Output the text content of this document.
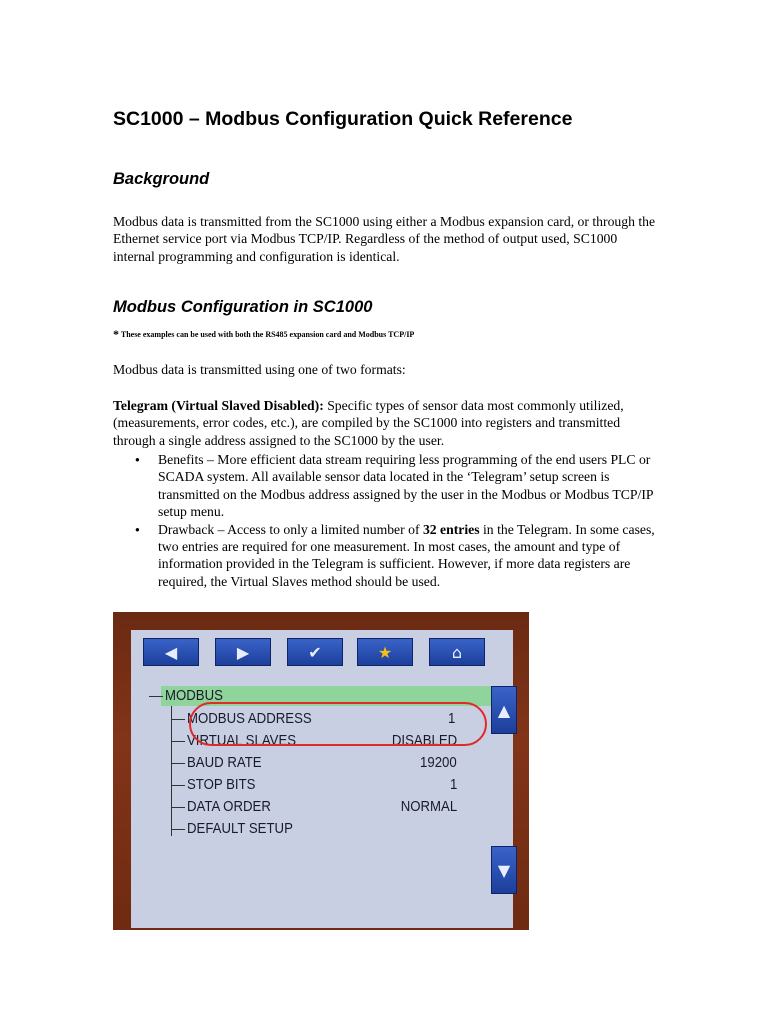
SC1000 – Modbus Configuration Quick Reference
Background

Modbus data is transmitted from the SC1000 using either a Modbus expansion card, or through the Ethernet service port via Modbus TCP/IP. Regardless of the method of output used, SC1000 internal programming and configuration is identical.

Modbus Configuration in SC1000
* These examples can be used with both the RS485 expansion card and Modbus TCP/IP

Modbus data is transmitted using one of two formats:

Telegram (Virtual Slaved Disabled): Specific types of sensor data most commonly utilized, (measurements, error codes, etc.), are compiled by the SC1000 into registers and transmitted through a single address assigned to the SC1000 by the user.

● Benefits – More efficient data stream requiring less programming of the end users PLC or SCADA system. All available sensor data located in the ‘Telegram’ setup screen is transmitted on the Modbus address assigned by the user in the Modbus or Modbus TCP/IP setup menu.
● Drawback – Access to only a limited number of 32 entries in the Telegram. In some cases, two entries are required for one measurement. In most cases, the amount and type of information provided in the Telegram is sufficient. However, if more data registers are required, the Virtual Slaves method should be used.
◀	▶	✔	★	⌂
MODBUS
MODBUS ADDRESS	1
VIRTUAL SLAVES	DISABLED
BAUD RATE	19200
STOP BITS	1
DATA ORDER	NORMAL
DEFAULT SETUP
▲
▼
